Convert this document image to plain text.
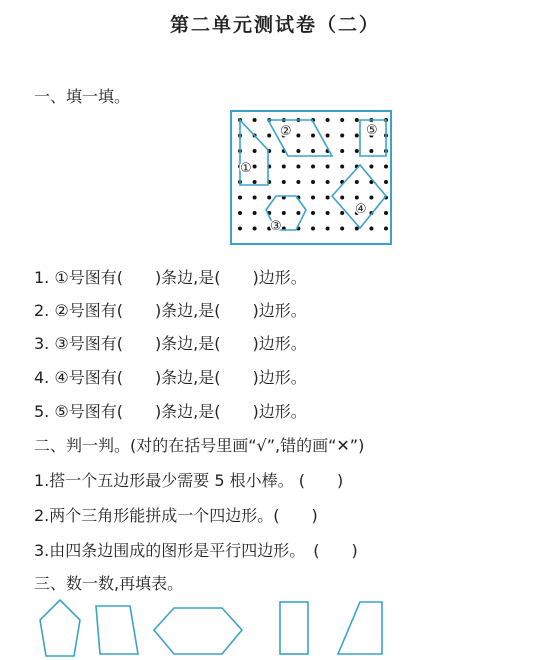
第二单元测试卷（二）
一、填一填。
①
②
③
④
⑤
1. ①号图有(　　)条边,是(　　)边形。
2. ②号图有(　　)条边,是(　　)边形。
3. ③号图有(　　)条边,是(　　)边形。
4. ④号图有(　　)条边,是(　　)边形。
5. ⑤号图有(　　)条边,是(　　)边形。
二、判一判。(对的在括号里画“√”,错的画“✕”)
1.搭一个五边形最少需要 5 根小棒。 (　　)
2.两个三角形能拼成一个四边形。(　　)
3.由四条边围成的图形是平行四边形。　(　　)
三、数一数,再填表。
